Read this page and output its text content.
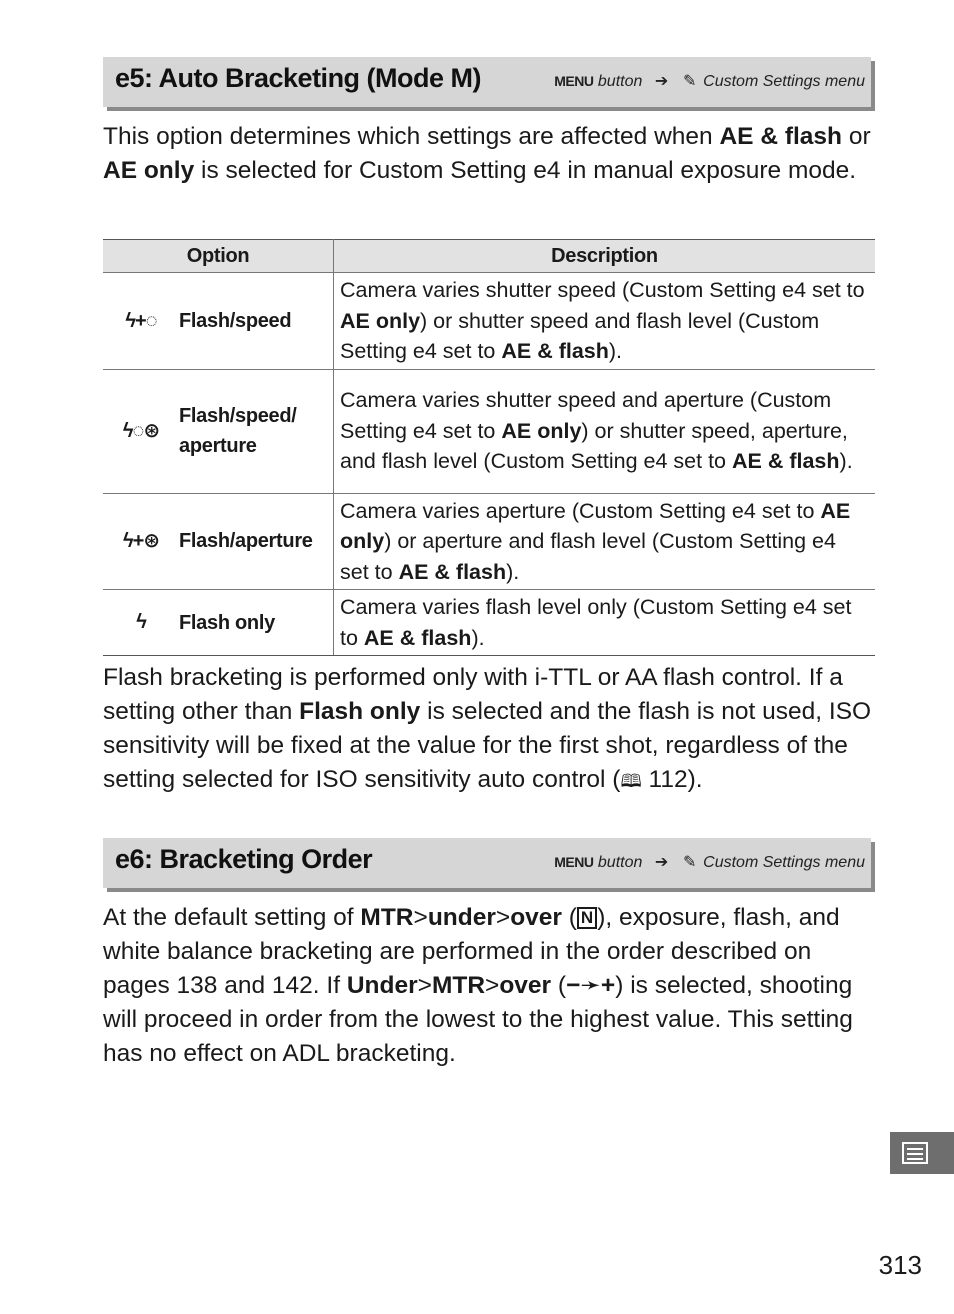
e5: Auto Bracketing (Mode M)	MENU button ➔ ✎ Custom Settings menu

This option determines which settings are affected when AE & flash or AE only is selected for Custom Setting e4 in manual exposure mode.

Option	Description

ϟ+◌ Flash/speed	Camera varies shutter speed (Custom Setting e4 set to AE only) or shutter speed and flash level (Custom Setting e4 set to AE & flash).

ϟ◌⊛
Flash/speed/ aperture	Camera varies shutter speed and aperture (Custom Setting e4 set to AE only) or shutter speed, aperture, and flash level (Custom Setting e4 set to AE & flash).

ϟ+⊛ Flash/aperture	Camera varies aperture (Custom Setting e4 set to AE only) or aperture and flash level (Custom Setting e4 set to AE & flash).

ϟ Flash only	Camera varies flash level only (Custom Setting e4 set to AE & flash).

Flash bracketing is performed only with i-TTL or AA flash control. If a setting other than Flash only is selected and the flash is not used, ISO sensitivity will be fixed at the value for the first shot, regardless of the setting selected for ISO sensitivity auto control (🕮 112).

e6: Bracketing Order	MENU button ➔ ✎ Custom Settings menu

At the default setting of MTR>under>over ( N ), exposure, flash, and white balance bracketing are performed in the order described on pages 138 and 142. If Under>MTR>over (−➛+) is selected, shooting will proceed in order from the lowest to the highest value. This setting has no effect on ADL bracketing.

313
